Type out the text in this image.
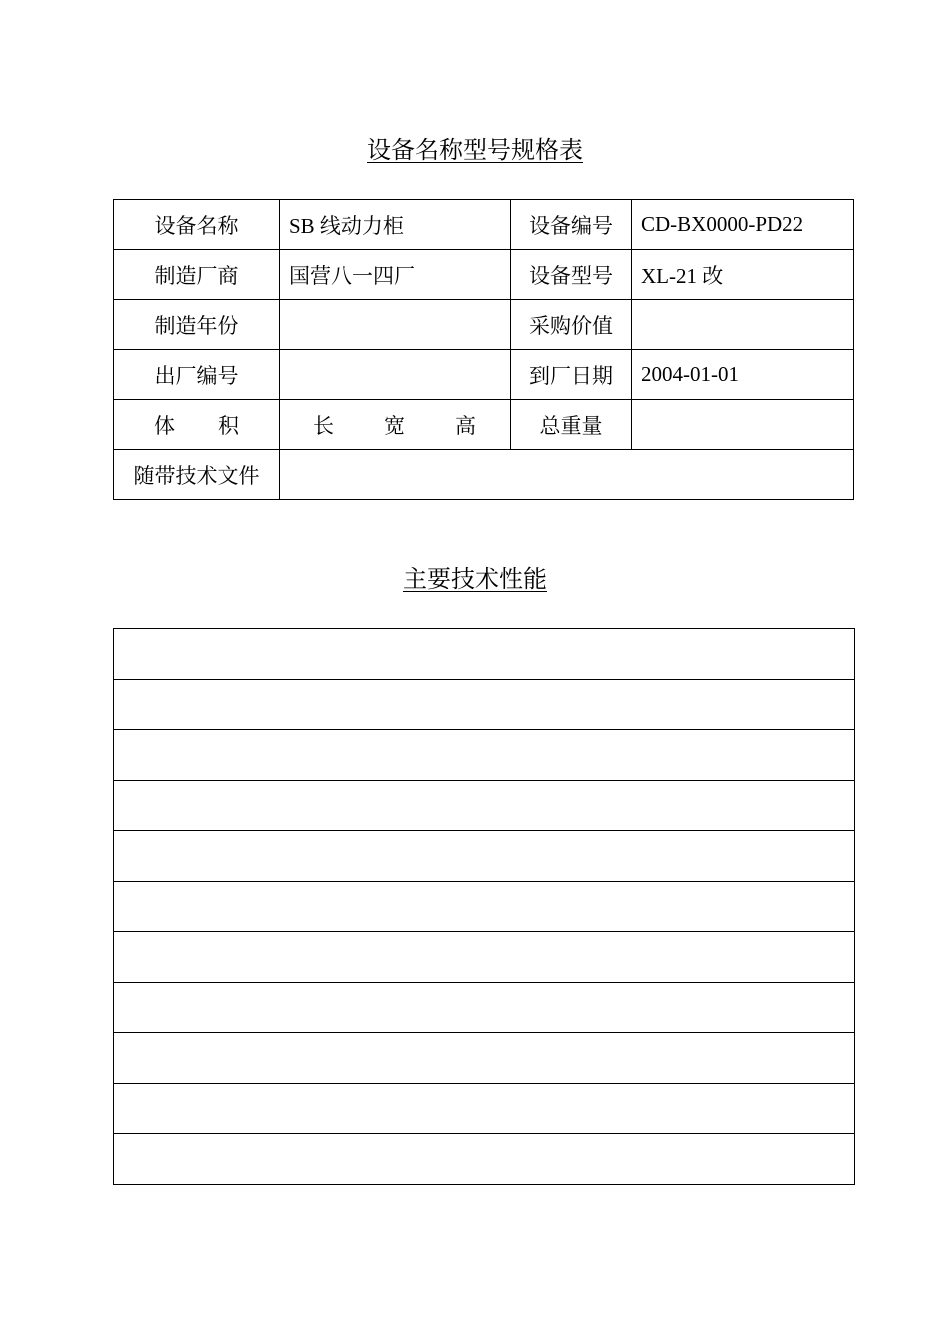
设备名称型号规格表
设备名称	SB 线动力柜	设备编号	CD-BX0000-PD22
制造厂商	国营八一四厂	设备型号	XL-21 改
制造年份		采购价值	
出厂编号		到厂日期	2004-01-01

体 积	长 宽 高	总重量	
随带技术文件			
主要技术性能
